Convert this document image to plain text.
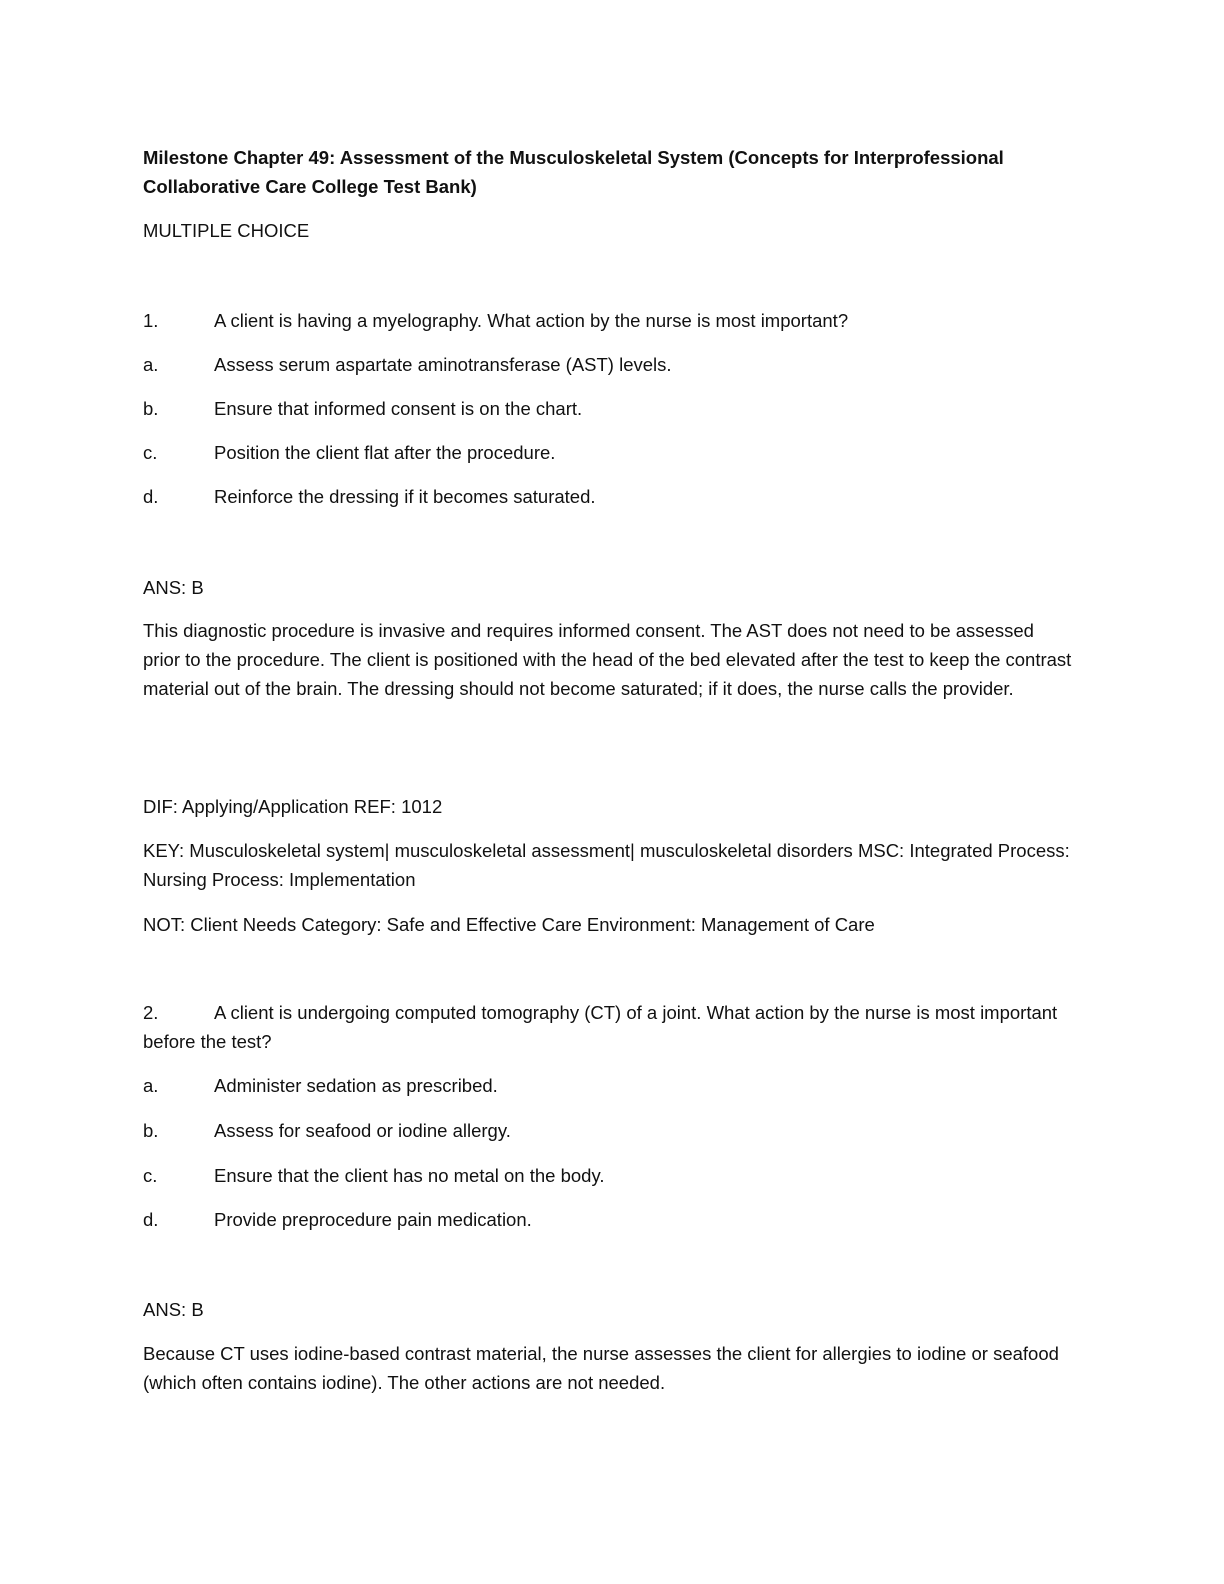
Milestone Chapter 49: Assessment of the Musculoskeletal System (Concepts for Interprofessional Collaborative Care College Test Bank)

MULTIPLE CHOICE
1.	A client is having a myelography. What action by the nurse is most important?
a.	Assess serum aspartate aminotransferase (AST) levels.
b.	Ensure that informed consent is on the chart.
c.	Position the client flat after the procedure.
d.	Reinforce the dressing if it becomes saturated.
ANS: B

This diagnostic procedure is invasive and requires informed consent. The AST does not need to be assessed prior to the procedure. The client is positioned with the head of the bed elevated after the test to keep the contrast material out of the brain. The dressing should not become saturated; if it does, the nurse calls the provider.

DIF: Applying/Application REF: 1012

KEY: Musculoskeletal system| musculoskeletal assessment| musculoskeletal disorders MSC: Integrated Process: Nursing Process: Implementation

NOT: Client Needs Category: Safe and Effective Care Environment: Management of Care

2.	A client is undergoing computed tomography (CT) of a joint. What action by the nurse is most important before the test?

a.	Administer sedation as prescribed.
b.	Assess for seafood or iodine allergy.
c.	Ensure that the client has no metal on the body.
d.	Provide preprocedure pain medication.
ANS: B

Because CT uses iodine-based contrast material, the nurse assesses the client for allergies to iodine or seafood (which often contains iodine). The other actions are not needed.
